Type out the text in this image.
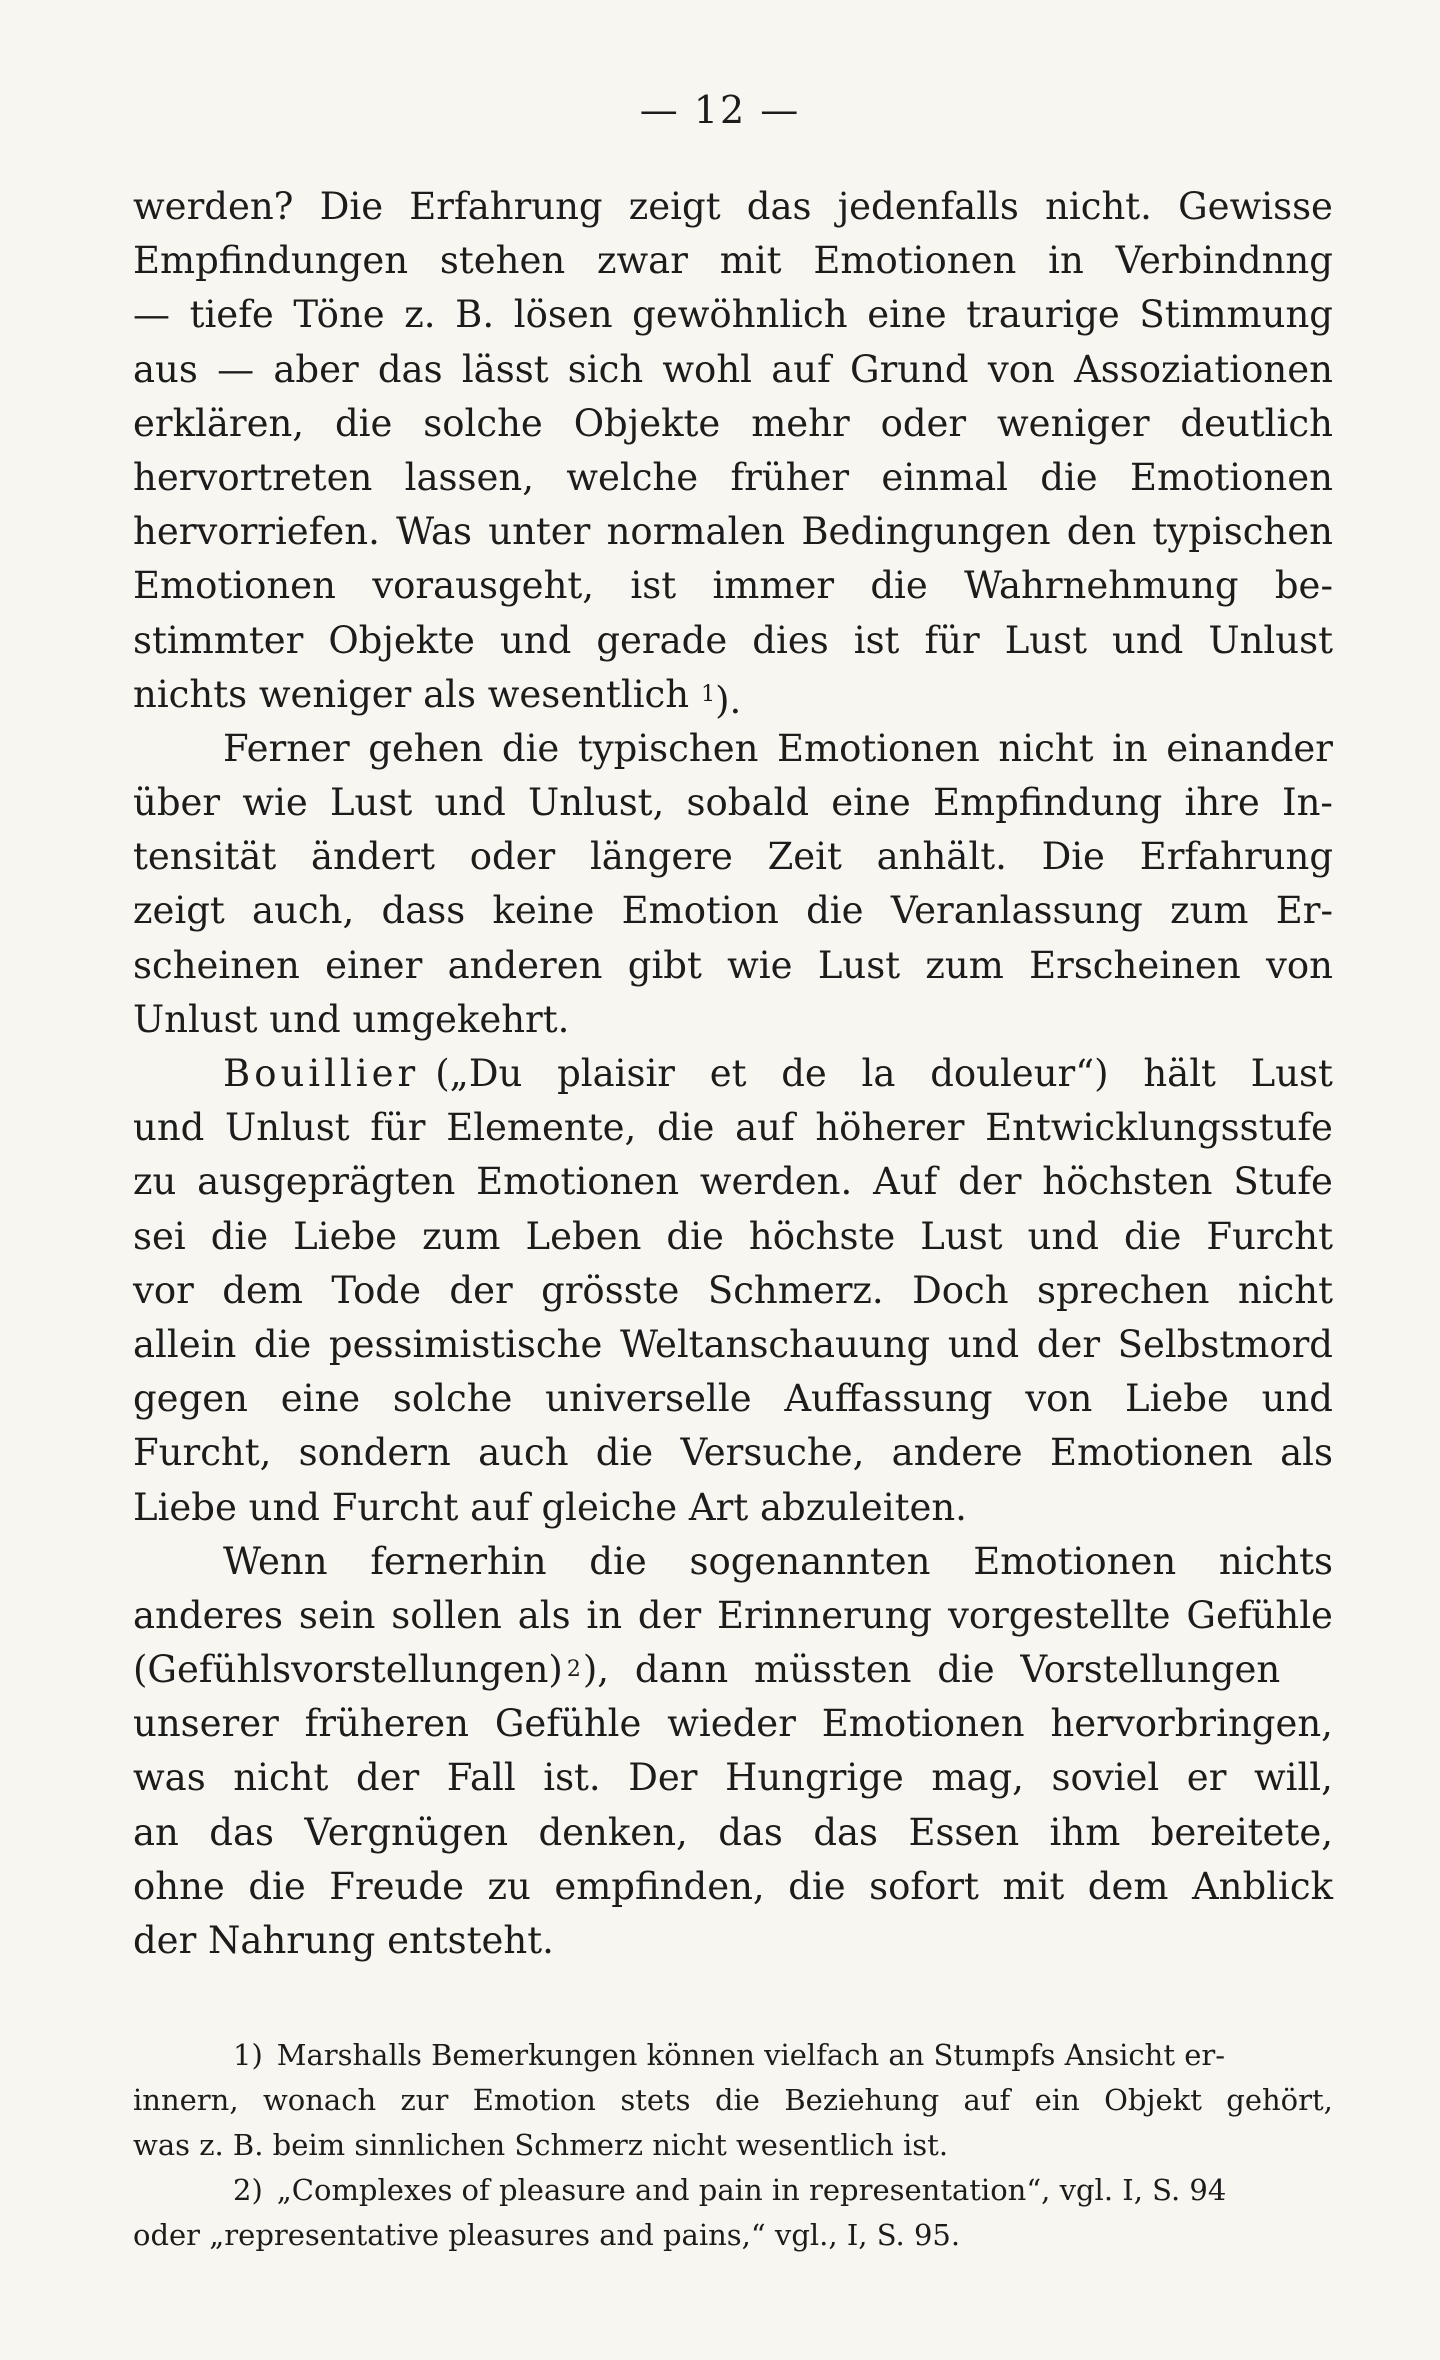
— 12 —
werden? Die Erfahrung zeigt das jedenfalls nicht. Gewisse
Empfindungen stehen zwar mit Emotionen in Verbindnng
— tiefe Töne z. B. lösen gewöhnlich eine traurige Stimmung
aus — aber das lässt sich wohl auf Grund von Assoziationen
erklären, die solche Objekte mehr oder weniger deutlich
hervortreten lassen, welche früher einmal die Emotionen
hervorriefen. Was unter normalen Bedingungen den typischen
Emotionen vorausgeht, ist immer die Wahrnehmung be-
stimmter Objekte und gerade dies ist für Lust und Unlust
nichts weniger als wesentlich $^1$).
Ferner gehen die typischen Emotionen nicht in einander
über wie Lust und Unlust, sobald eine Empfindung ihre In-
tensität ändert oder längere Zeit anhält. Die Erfahrung
zeigt auch, dass keine Emotion die Veranlassung zum Er-
scheinen einer anderen gibt wie Lust zum Erscheinen von
Unlust und umgekehrt.
Bouillier („Du plaisir et de la douleur“) hält Lust
und Unlust für Elemente, die auf höherer Entwicklungsstufe
zu ausgeprägten Emotionen werden. Auf der höchsten Stufe
sei die Liebe zum Leben die höchste Lust und die Furcht
vor dem Tode der grösste Schmerz. Doch sprechen nicht
allein die pessimistische Weltanschauung und der Selbstmord
gegen eine solche universelle Auffassung von Liebe und
Furcht, sondern auch die Versuche, andere Emotionen als
Liebe und Furcht auf gleiche Art abzuleiten.
Wenn fernerhin die sogenannten Emotionen nichts
anderes sein sollen als in der Erinnerung vorgestellte Gefühle
(Gefühlsvorstellungen) 2 ), dann müssten die Vorstellungen
unserer früheren Gefühle wieder Emotionen hervorbringen,
was nicht der Fall ist. Der Hungrige mag, soviel er will,
an das Vergnügen denken, das das Essen ihm bereitete,
ohne die Freude zu empfinden, die sofort mit dem Anblick
der Nahrung entsteht.
1) Marshalls Bemerkungen können vielfach an Stumpfs Ansicht er-
innern, wonach zur Emotion stets die Beziehung auf ein Objekt gehört,
was z. B. beim sinnlichen Schmerz nicht wesentlich ist.
2) „Complexes of pleasure and pain in representation“, vgl. I, S. 94
oder „representative pleasures and pains,“ vgl., I, S. 95.
